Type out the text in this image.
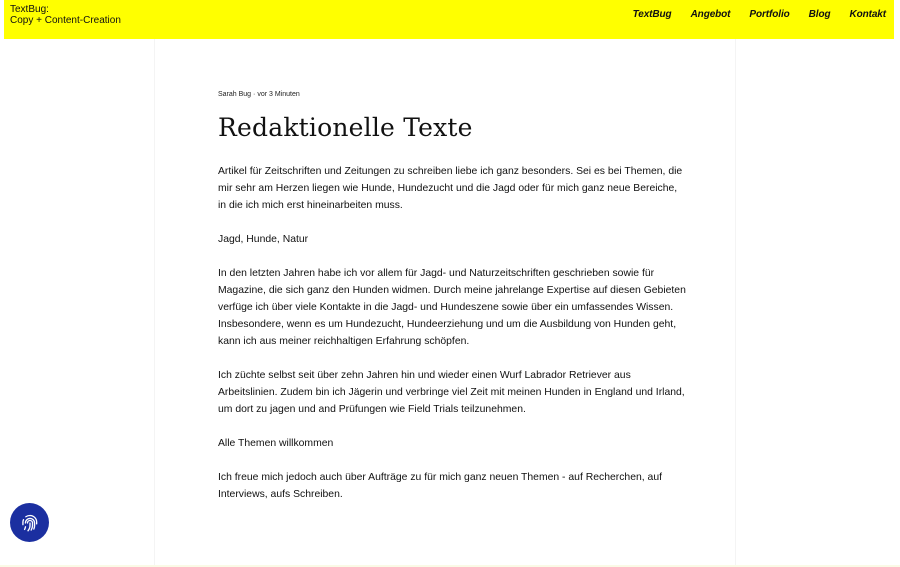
TextBug:
Copy + Content-Creation
TextBug Angebot Portfolio Blog Kontakt
Sarah Bug · vor 3 Minuten
Redaktionelle Texte

Artikel für Zeitschriften und Zeitungen zu schreiben liebe ich ganz besonders. Sei es bei Themen, die mir sehr am Herzen liegen wie Hunde, Hundezucht und die Jagd oder für mich ganz neue Bereiche, in die ich mich erst hineinarbeiten muss.

Jagd, Hunde, Natur

In den letzten Jahren habe ich vor allem für Jagd- und Naturzeitschriften geschrieben sowie für Magazine, die sich ganz den Hunden widmen. Durch meine jahrelange Expertise auf diesen Gebieten verfüge ich über viele Kontakte in die Jagd- und Hundeszene sowie über ein umfassendes Wissen. Insbesondere, wenn es um Hundezucht, Hundeerziehung und um die Ausbildung von Hunden geht, kann ich aus meiner reichhaltigen Erfahrung schöpfen.

Ich züchte selbst seit über zehn Jahren hin und wieder einen Wurf Labrador Retriever aus Arbeitslinien. Zudem bin ich Jägerin und verbringe viel Zeit mit meinen Hunden in England und Irland, um dort zu jagen und and Prüfungen wie Field Trials teilzunehmen.

Alle Themen willkommen

Ich freue mich jedoch auch über Aufträge zu für mich ganz neuen Themen - auf Recherchen, auf Interviews, aufs Schreiben.
